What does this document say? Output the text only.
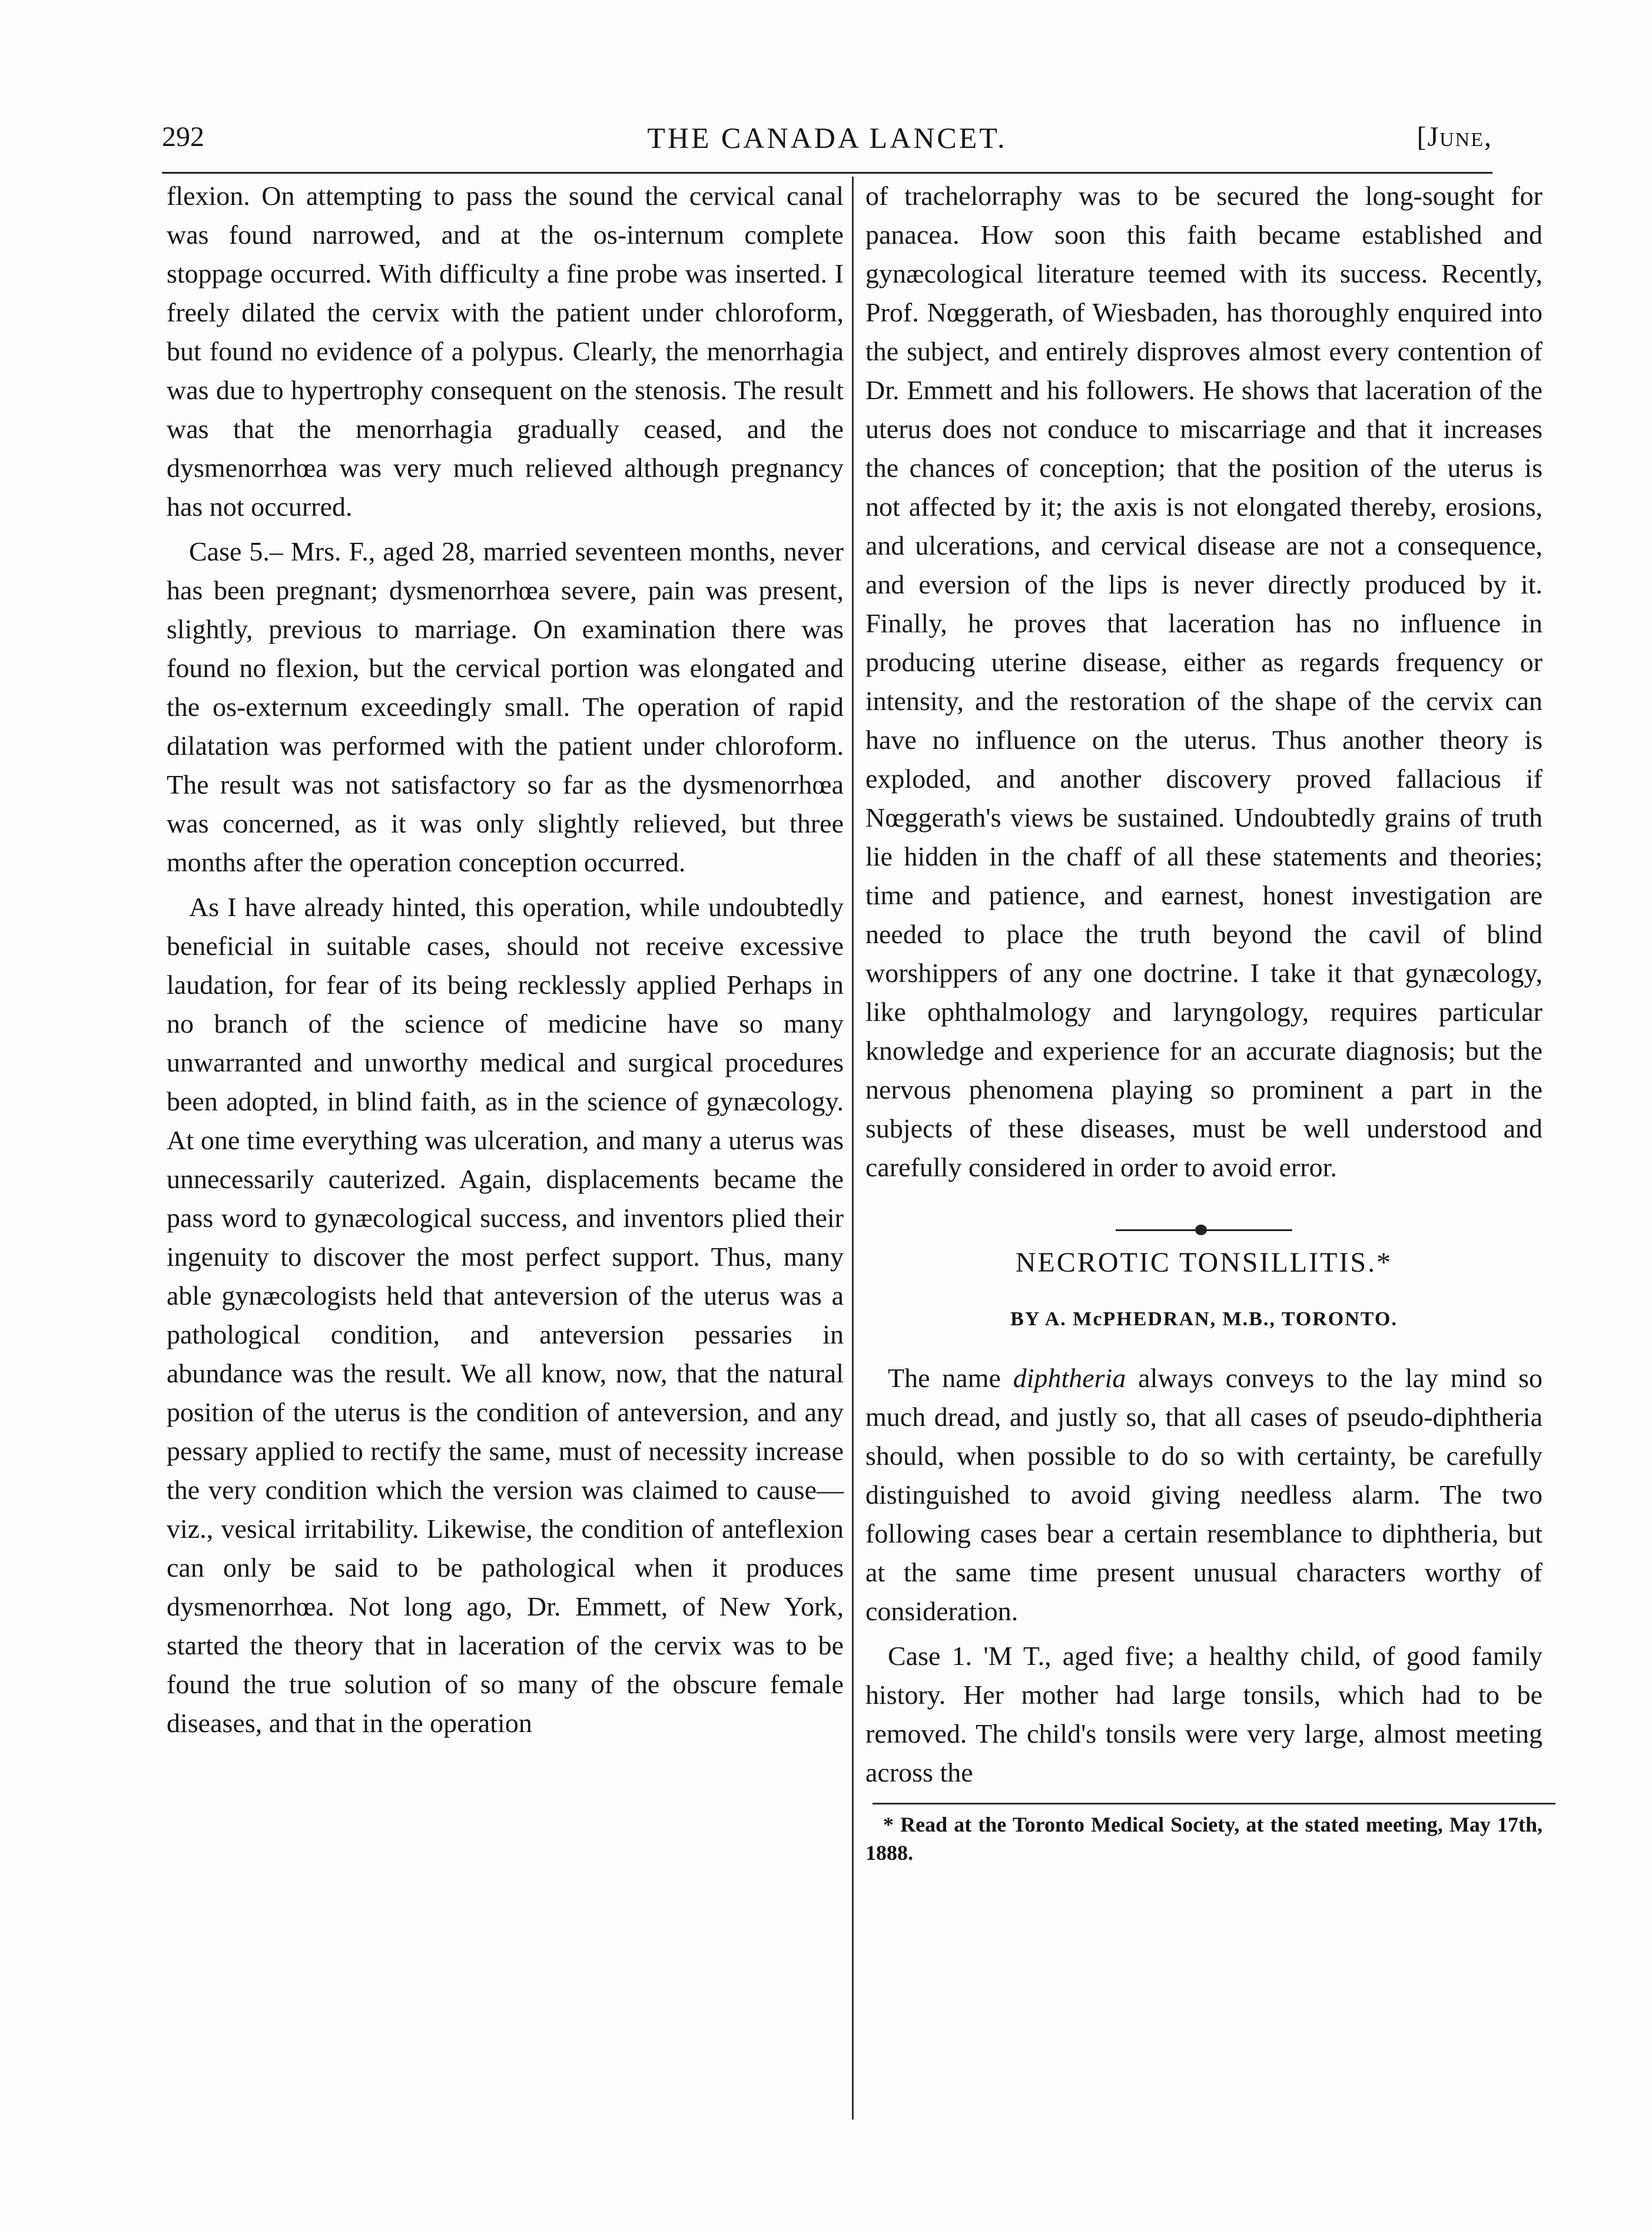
292	THE CANADA LANCET.	[June,

flexion. On attempting to pass the sound the cervical canal was found narrowed, and at the os-internum complete stoppage occurred. With difficulty a fine probe was inserted. I freely dilated the cervix with the patient under chloroform, but found no evidence of a polypus. Clearly, the menorrhagia was due to hypertrophy consequent on the stenosis. The result was that the menorrhagia gradually ceased, and the dysmenorrhœa was very much relieved although pregnancy has not occurred.

Case 5.– Mrs. F., aged 28, married seventeen months, never has been pregnant; dysmenorrhœa severe, pain was present, slightly, previous to marriage. On examination there was found no flexion, but the cervical portion was elongated and the os-externum exceedingly small. The operation of rapid dilatation was performed with the patient under chloroform. The result was not satisfactory so far as the dysmenorrhœa was concerned, as it was only slightly relieved, but three months after the operation conception occurred.

As I have already hinted, this operation, while undoubtedly beneficial in suitable cases, should not receive excessive laudation, for fear of its being recklessly applied Perhaps in no branch of the science of medicine have so many unwarranted and unworthy medical and surgical procedures been adopted, in blind faith, as in the science of gynæcology. At one time everything was ulceration, and many a uterus was unnecessarily cauterized. Again, displacements became the pass word to gynæcological success, and inventors plied their ingenuity to discover the most perfect support. Thus, many able gynæcologists held that anteversion of the uterus was a pathological condition, and anteversion pessaries in abundance was the result. We all know, now, that the natural position of the uterus is the condition of anteversion, and any pessary applied to rectify the same, must of necessity increase the very condition which the version was claimed to cause—viz., vesical irritability. Likewise, the condition of anteflexion can only be said to be pathological when it produces dysmenorrhœa. Not long ago, Dr. Emmett, of New York, started the theory that in laceration of the cervix was to be found the true solution of so many of the obscure female diseases, and that in the operation

of trachelorraphy was to be secured the long-sought for panacea. How soon this faith became established and gynæcological literature teemed with its success. Recently, Prof. Nœggerath, of Wiesbaden, has thoroughly enquired into the subject, and entirely disproves almost every contention of Dr. Emmett and his followers. He shows that laceration of the uterus does not conduce to miscarriage and that it increases the chances of conception; that the position of the uterus is not affected by it; the axis is not elongated thereby, erosions, and ulcerations, and cervical disease are not a consequence, and eversion of the lips is never directly produced by it. Finally, he proves that laceration has no influence in producing uterine disease, either as regards frequency or intensity, and the restoration of the shape of the cervix can have no influence on the uterus. Thus another theory is exploded, and another discovery proved fallacious if Nœggerath's views be sustained. Undoubtedly grains of truth lie hidden in the chaff of all these statements and theories; time and patience, and earnest, honest investigation are needed to place the truth beyond the cavil of blind worshippers of any one doctrine. I take it that gynæcology, like ophthalmology and laryngology, requires particular knowledge and experience for an accurate diagnosis; but the nervous phenomena playing so prominent a part in the subjects of these diseases, must be well understood and carefully considered in order to avoid error.

NECROTIC TONSILLITIS.*
BY A. McPHEDRAN, M.B., TORONTO.

The name diphtheria always conveys to the lay mind so much dread, and justly so, that all cases of pseudo-diphtheria should, when possible to do so with certainty, be carefully distinguished to avoid giving needless alarm. The two following cases bear a certain resemblance to diphtheria, but at the same time present unusual characters worthy of consideration.

Case 1. 'M T., aged five; a healthy child, of good family history. Her mother had large tonsils, which had to be removed. The child's tonsils were very large, almost meeting across the

* Read at the Toronto Medical Society, at the stated meeting, May 17th, 1888.
